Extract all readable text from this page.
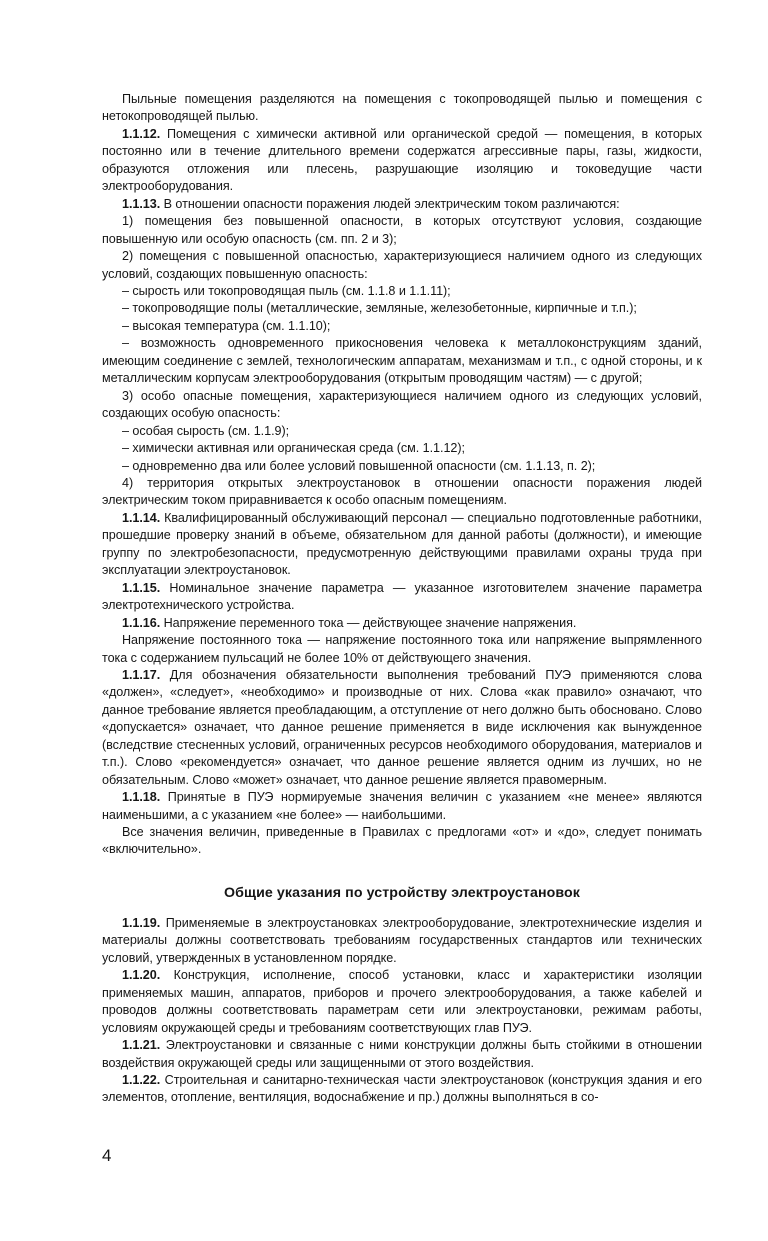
Пыльные помещения разделяются на помещения с токопроводящей пылью и помещения с нетокопроводящей пылью.

1.1.12. Помещения с химически активной или органической средой — помещения, в которых постоянно или в течение длительного времени содержатся агрессивные пары, газы, жидкости, образуются отложения или плесень, разрушающие изоляцию и токоведущие части электрооборудования.

1.1.13. В отношении опасности поражения людей электрическим током различаются:

1) помещения без повышенной опасности, в которых отсутствуют условия, создающие повышенную или особую опасность (см. пп. 2 и 3);

2) помещения с повышенной опасностью, характеризующиеся наличием одного из следующих условий, создающих повышенную опасность:

– сырость или токопроводящая пыль (см. 1.1.8 и 1.1.11);

– токопроводящие полы (металлические, земляные, железобетонные, кирпичные и т.п.);

– высокая температура (см. 1.1.10);

– возможность одновременного прикосновения человека к металлоконструкциям зданий, имеющим соединение с землей, технологическим аппаратам, механизмам и т.п., с одной стороны, и к металлическим корпусам электрооборудования (открытым проводящим частям) — с другой;

3) особо опасные помещения, характеризующиеся наличием одного из следующих условий, создающих особую опасность:

– особая сырость (см. 1.1.9);

– химически активная или органическая среда (см. 1.1.12);

– одновременно два или более условий повышенной опасности (см. 1.1.13, п. 2);

4) территория открытых электроустановок в отношении опасности поражения людей электрическим током приравнивается к особо опасным помещениям.

1.1.14. Квалифицированный обслуживающий персонал — специально подготовленные работники, прошедшие проверку знаний в объеме, обязательном для данной работы (должности), и имеющие группу по электробезопасности, предусмотренную действующими правилами охраны труда при эксплуатации электроустановок.

1.1.15. Номинальное значение параметра — указанное изготовителем значение параметра электротехнического устройства.

1.1.16. Напряжение переменного тока — действующее значение напряжения.

Напряжение постоянного тока — напряжение постоянного тока или напряжение выпрямленного тока с содержанием пульсаций не более 10% от действующего значения.

1.1.17. Для обозначения обязательности выполнения требований ПУЭ применяются слова «должен», «следует», «необходимо» и производные от них. Слова «как правило» означают, что данное требование является преобладающим, а отступление от него должно быть обосновано. Слово «допускается» означает, что данное решение применяется в виде исключения как вынужденное (вследствие стесненных условий, ограниченных ресурсов необходимого оборудования, материалов и т.п.). Слово «рекомендуется» означает, что данное решение является одним из лучших, но не обязательным. Слово «может» означает, что данное решение является правомерным.

1.1.18. Принятые в ПУЭ нормируемые значения величин с указанием «не менее» являются наименьшими, а с указанием «не более» — наибольшими.

Все значения величин, приведенные в Правилах с предлогами «от» и «до», следует понимать «включительно».

Общие указания по устройству электроустановок

1.1.19. Применяемые в электроустановках электрооборудование, электротехнические изделия и материалы должны соответствовать требованиям государственных стандартов или технических условий, утвержденных в установленном порядке.

1.1.20. Конструкция, исполнение, способ установки, класс и характеристики изоляции применяемых машин, аппаратов, приборов и прочего электрооборудования, а также кабелей и проводов должны соответствовать параметрам сети или электроустановки, режимам работы, условиям окружающей среды и требованиям соответствующих глав ПУЭ.

1.1.21. Электроустановки и связанные с ними конструкции должны быть стойкими в отношении воздействия окружающей среды или защищенными от этого воздействия.

1.1.22. Строительная и санитарно-техническая части электроустановок (конструкция здания и его элементов, отопление, вентиляция, водоснабжение и пр.) должны выполняться в со-

4
